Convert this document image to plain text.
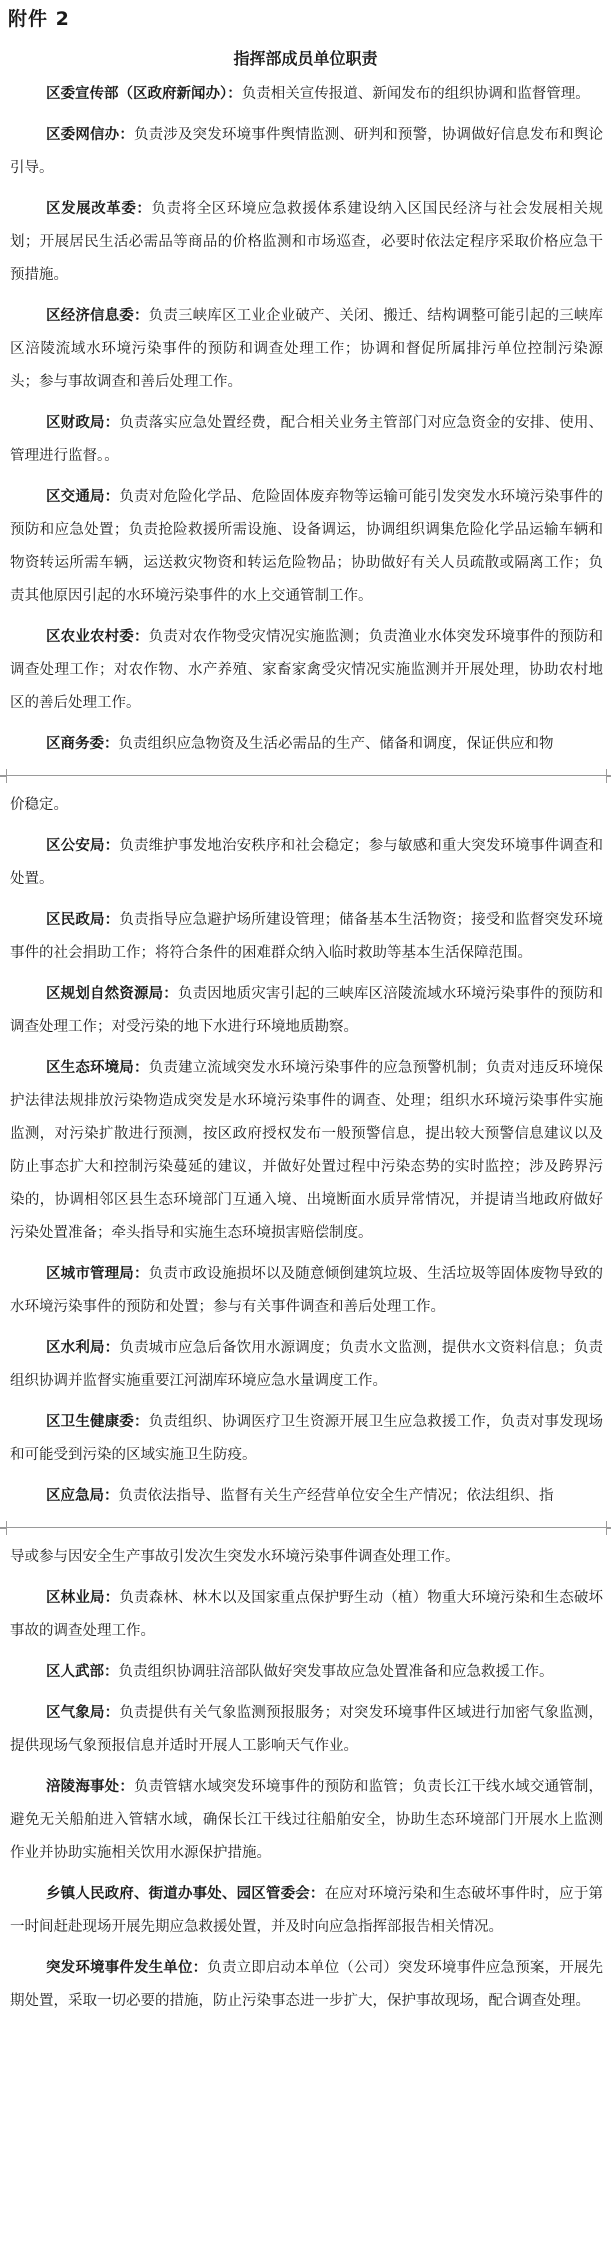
附件 2

指挥部成员单位职责

区委宣传部（区政府新闻办）：负责相关宣传报道、新闻发布的组织协调和监督管理。

区委网信办：负责涉及突发环境事件舆情监测、研判和预警，协调做好信息发布和舆论引导。

区发展改革委：负责将全区环境应急救援体系建设纳入区国民经济与社会发展相关规划；开展居民生活必需品等商品的价格监测和市场巡查，必要时依法定程序采取价格应急干预措施。

区经济信息委：负责三峡库区工业企业破产、关闭、搬迁、结构调整可能引起的三峡库区涪陵流域水环境污染事件的预防和调查处理工作；协调和督促所属排污单位控制污染源头；参与事故调查和善后处理工作。

区财政局：负责落实应急处置经费，配合相关业务主管部门对应急资金的安排、使用、管理进行监督。。

区交通局：负责对危险化学品、危险固体废弃物等运输可能引发突发水环境污染事件的预防和应急处置；负责抢险救援所需设施、设备调运，协调组织调集危险化学品运输车辆和物资转运所需车辆，运送救灾物资和转运危险物品；协助做好有关人员疏散或隔离工作；负责其他原因引起的水环境污染事件的水上交通管制工作。

区农业农村委：负责对农作物受灾情况实施监测；负责渔业水体突发环境事件的预防和调查处理工作；对农作物、水产养殖、家畜家禽受灾情况实施监测并开展处理，协助农村地区的善后处理工作。

区商务委：负责组织应急物资及生活必需品的生产、储备和调度，保证供应和物

价稳定。

区公安局：负责维护事发地治安秩序和社会稳定；参与敏感和重大突发环境事件调查和处置。

区民政局：负责指导应急避护场所建设管理；储备基本生活物资；接受和监督突发环境事件的社会捐助工作；将符合条件的困难群众纳入临时救助等基本生活保障范围。

区规划自然资源局：负责因地质灾害引起的三峡库区涪陵流域水环境污染事件的预防和调查处理工作；对受污染的地下水进行环境地质勘察。

区生态环境局：负责建立流域突发水环境污染事件的应急预警机制；负责对违反环境保护法律法规排放污染物造成突发是水环境污染事件的调查、处理；组织水环境污染事件实施监测，对污染扩散进行预测，按区政府授权发布一般预警信息，提出较大预警信息建议以及防止事态扩大和控制污染蔓延的建议，并做好处置过程中污染态势的实时监控；涉及跨界污染的，协调相邻区县生态环境部门互通入境、出境断面水质异常情况，并提请当地政府做好污染处置准备；牵头指导和实施生态环境损害赔偿制度。

区城市管理局：负责市政设施损坏以及随意倾倒建筑垃圾、生活垃圾等固体废物导致的水环境污染事件的预防和处置；参与有关事件调查和善后处理工作。

区水利局：负责城市应急后备饮用水源调度；负责水文监测，提供水文资料信息；负责组织协调并监督实施重要江河湖库环境应急水量调度工作。

区卫生健康委：负责组织、协调医疗卫生资源开展卫生应急救援工作，负责对事发现场和可能受到污染的区域实施卫生防疫。

区应急局：负责依法指导、监督有关生产经营单位安全生产情况；依法组织、指

导或参与因安全生产事故引发次生突发水环境污染事件调查处理工作。

区林业局：负责森林、林木以及国家重点保护野生动（植）物重大环境污染和生态破坏事故的调查处理工作。

区人武部：负责组织协调驻涪部队做好突发事故应急处置准备和应急救援工作。

区气象局：负责提供有关气象监测预报服务；对突发环境事件区域进行加密气象监测，提供现场气象预报信息并适时开展人工影响天气作业。

涪陵海事处：负责管辖水域突发环境事件的预防和监管；负责长江干线水域交通管制，避免无关船舶进入管辖水域，确保长江干线过往船舶安全，协助生态环境部门开展水上监测作业并协助实施相关饮用水源保护措施。

乡镇人民政府、街道办事处、园区管委会：在应对环境污染和生态破坏事件时，应于第一时间赶赴现场开展先期应急救援处置，并及时向应急指挥部报告相关情况。

突发环境事件发生单位：负责立即启动本单位（公司）突发环境事件应急预案，开展先期处置，采取一切必要的措施，防止污染事态进一步扩大，保护事故现场，配合调查处理。
